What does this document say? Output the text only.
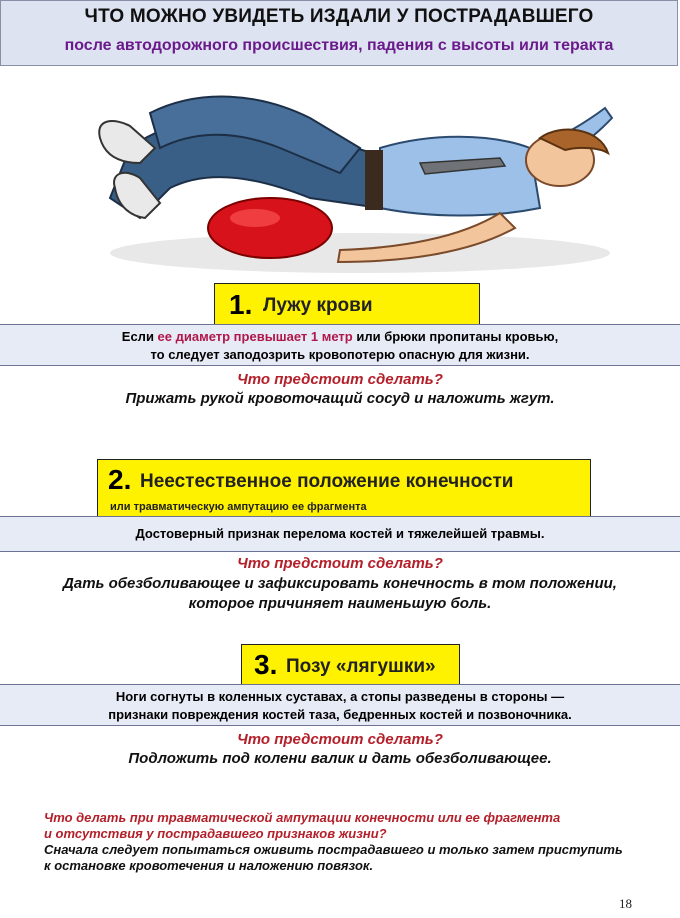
ЧТО МОЖНО УВИДЕТЬ ИЗДАЛИ У ПОСТРАДАВШЕГО
после автодорожного происшествия, падения с высоты или теракта
1. Лужу крови
Если ее диаметр превышает 1 метр или брюки пропитаны кровью,
то следует заподозрить кровопотерю опасную для жизни.
Что предстоит сделать?
Прижать рукой кровоточащий сосуд и наложить жгут.
2. Неестественное положение конечности
или травматическую ампутацию ее фрагмента
Достоверный признак перелома костей и тяжелейшей травмы.
Что предстоит сделать?
Дать обезболивающее и зафиксировать конечность в том положении,
которое причиняет наименьшую боль.
3. Позу «лягушки»
Ноги согнуты в коленных суставах, а стопы разведены в стороны —
признаки повреждения костей таза, бедренных костей и позвоночника.
Что предстоит сделать?
Подложить под колени валик и дать обезболивающее.
Что делать при травматической ампутации конечности или ее фрагмента
и отсутствия у пострадавшего признаков жизни?
Сначала следует попытаться оживить пострадавшего и только затем приступить
к остановке кровотечения и наложению повязок.
18
